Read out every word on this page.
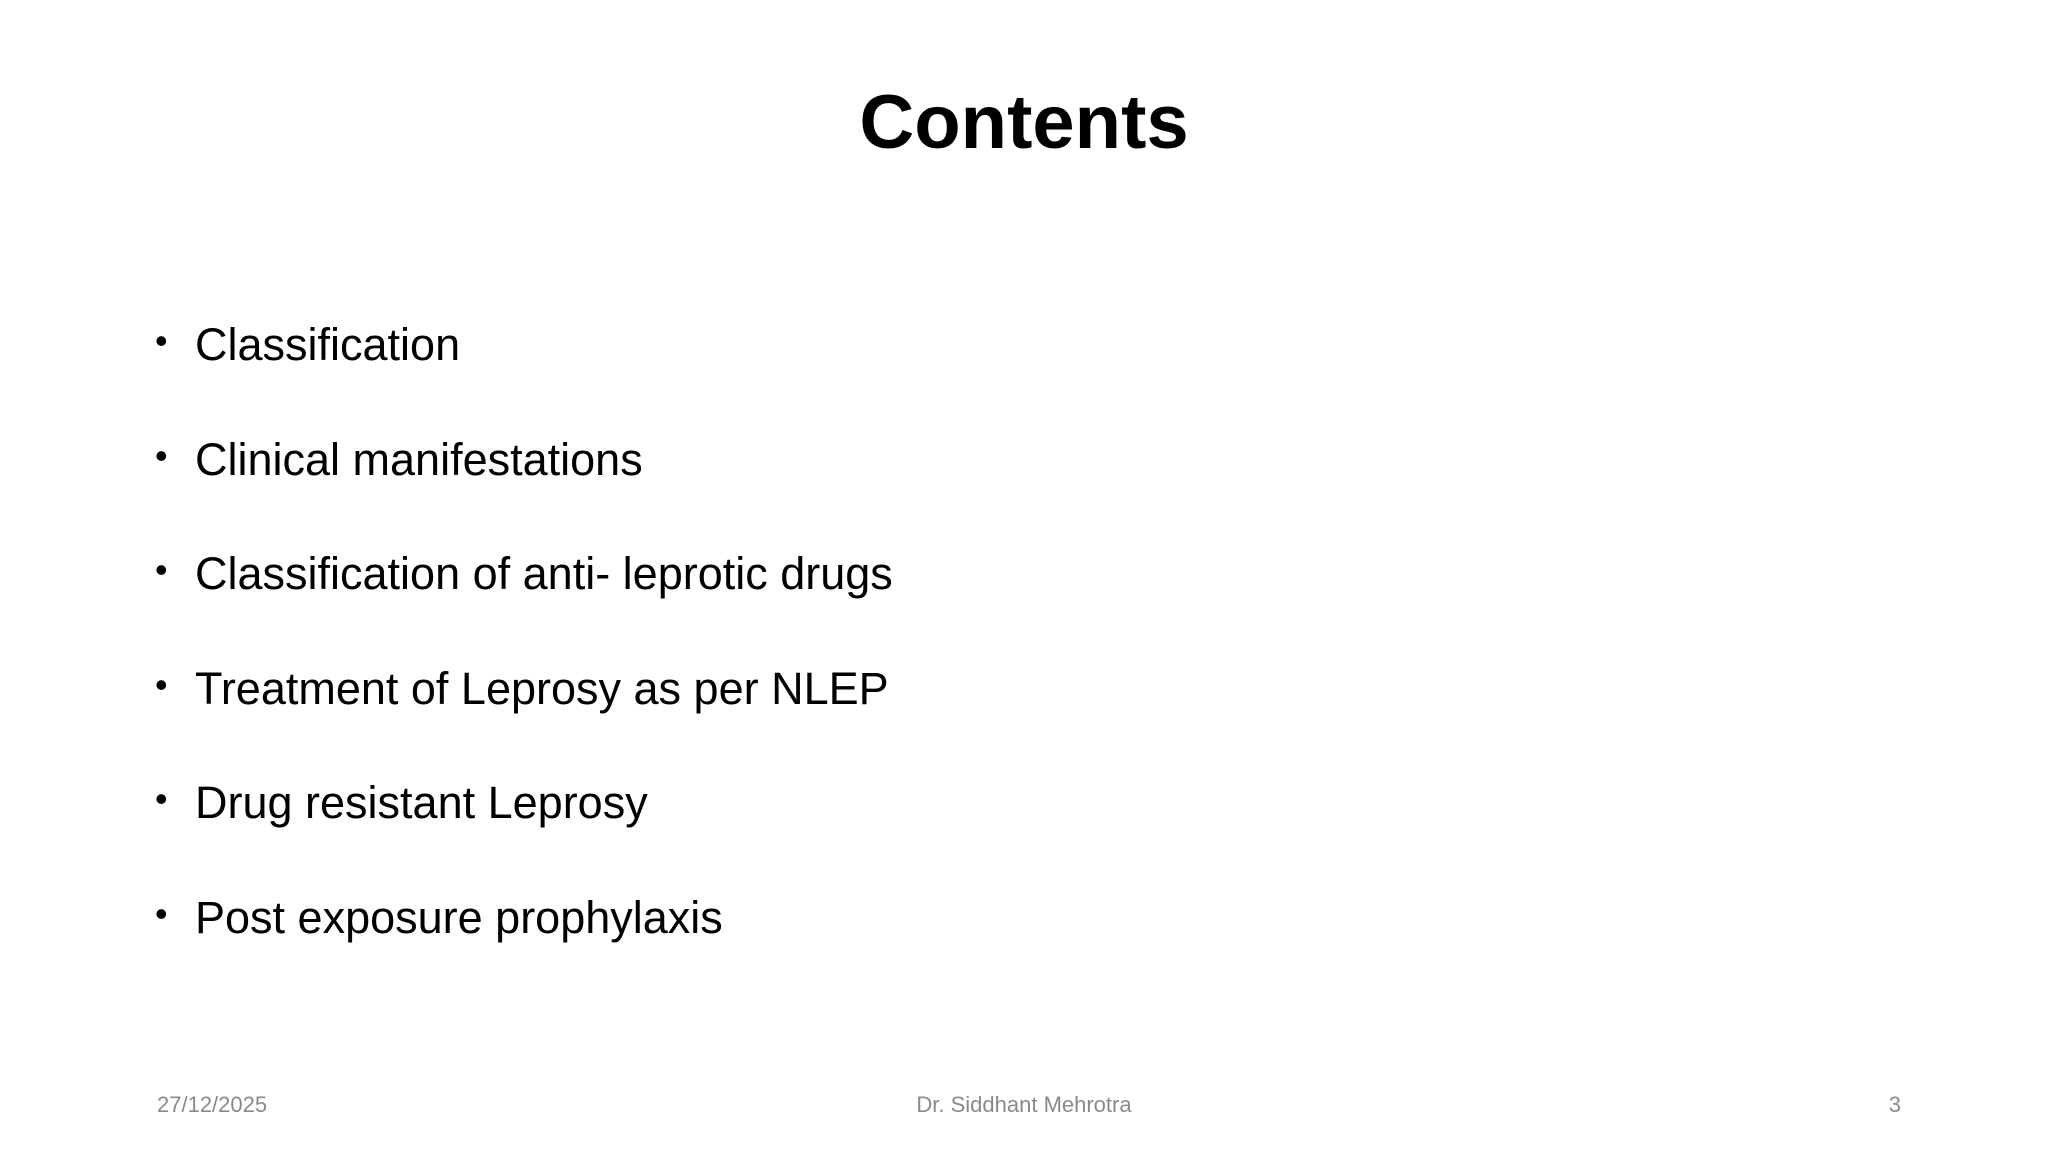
Contents
• Classification
• Clinical manifestations
• Classification of anti- leprotic drugs
• Treatment of Leprosy as per NLEP
• Drug resistant Leprosy
• Post exposure prophylaxis
27/12/2025	Dr. Siddhant Mehrotra	3
